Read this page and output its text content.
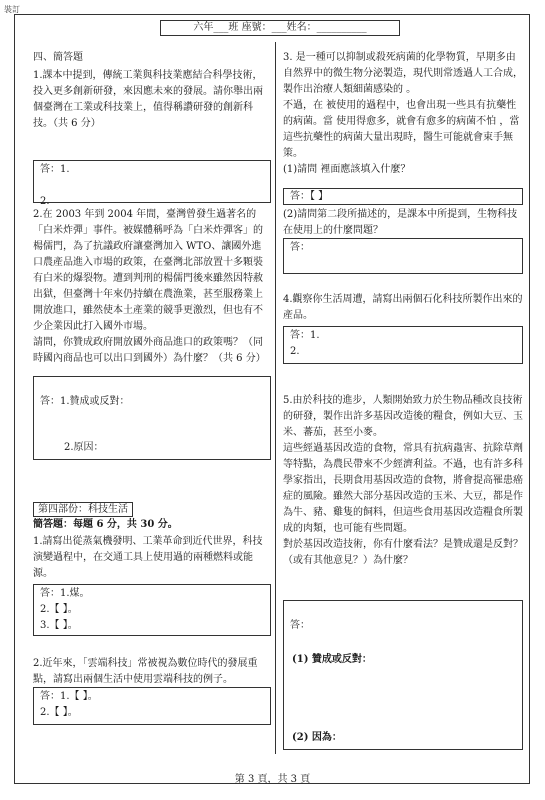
裝訂
六年___班 座號：___姓名：__________
四、簡答題
1.課本中提到，傳統工業與科技業應結合科學技術，投入更多創新研發，來因應未來的發展。請你舉出兩個臺灣在工業或科技業上，值得稱讚研發的創新科技。（共 6 分）
答：1.

2.
2.在 2003 年到 2004 年間，臺灣曾發生過著名的「白米炸彈」事件。被媒體稱呼為「白米炸彈客」的楊儒門，為了抗議政府讓臺灣加入 WTO、讓國外進口農產品進入市場的政策，在臺灣北部放置十多顆裝有白米的爆裂物。遭到判刑的楊儒門後來雖然因特赦出獄，但臺灣十年來仍持續在農漁業，甚至服務業上開放進口，雖然使本土產業的競爭更激烈，但也有不少企業因此打入國外市場。
請問，你贊成政府開放國外商品進口的政策嗎？（同時國內商品也可以出口到國外）為什麼？（共 6 分）

答：1.贊成或反對：

2.原因：

第四部份：科技生活
簡答題：每題 6 分，共 30 分。
1.請寫出從蒸氣機發明、工業革命到近代世界，科技演變過程中，在交通工具上使用過的兩種燃料或能源。
答：1.煤。
2.【 】。
3.【 】。
2.近年來，「雲端科技」常被視為數位時代的發展重點，請寫出兩個生活中使用雲端科技的例子。
答：1.【 】。
2.【 】。
3. 是一種可以抑制或殺死病菌的化學物質，早期多由自然界中的微生物分泌製造，現代則常透過人工合成，製作出治療人類細菌感染的 。
不過，在 被使用的過程中，也會出現一些具有抗藥性的病菌。當 使用得愈多，就會有愈多的病菌不怕 ，當這些抗藥性的病菌大量出現時，醫生可能就會束手無策。
(1)請問 裡面應該填入什麼？
答：【 】
(2)請問第二段所描述的，是課本中所提到，生物科技在使用上的什麼問題？
答：
4.觀察你生活周遭，請寫出兩個石化科技所製作出來的產品。
答：1.
2.
5.由於科技的進步，人類開始致力於生物品種改良技術的研發，製作出許多基因改造後的糧食，例如大豆、玉米、蕃茄，甚至小麥。
這些經過基因改造的食物，常具有抗病蟲害、抗除草劑等特點，為農民帶來不少經濟利益。不過，也有許多科學家指出，長期食用基因改造的食物，將會提高罹患癌症的風險。雖然大部分基因改造的玉米、大豆，都是作為牛、豬、雞隻的飼料，但這些食用基因改造糧食所製成的肉類，也可能有些問題。
對於基因改造技術，你有什麼看法？是贊成還是反對？（或有其他意見？）為什麼？

答：

(1) 贊成或反對：

(2) 因為：

第 3 頁，共 3 頁
